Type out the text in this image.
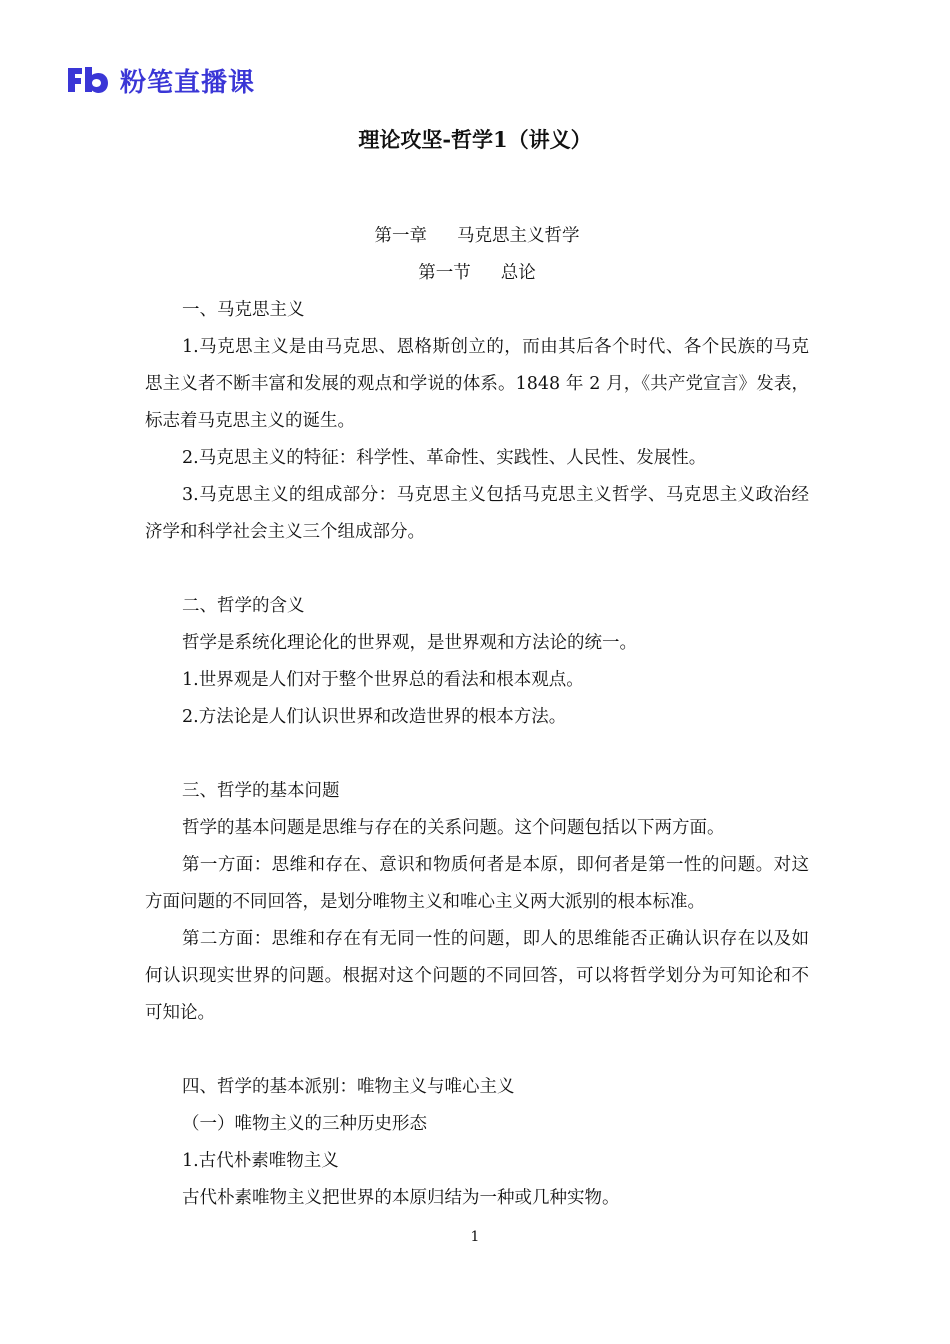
粉笔直播课
理论攻坚-哲学1（讲义）

第一章 马克思主义哲学

第一节 总论

一、马克思主义

1.马克思主义是由马克思、恩格斯创立的，而由其后各个时代、各个民族的马克思主义者不断丰富和发展的观点和学说的体系。1848 年 2 月，《共产党宣言》发表，标志着马克思主义的诞生。

2.马克思主义的特征：科学性、革命性、实践性、人民性、发展性。

3.马克思主义的组成部分：马克思主义包括马克思主义哲学、马克思主义政治经济学和科学社会主义三个组成部分。

二、哲学的含义

哲学是系统化理论化的世界观，是世界观和方法论的统一。

1.世界观是人们对于整个世界总的看法和根本观点。

2.方法论是人们认识世界和改造世界的根本方法。

三、哲学的基本问题

哲学的基本问题是思维与存在的关系问题。这个问题包括以下两方面。

第一方面：思维和存在、意识和物质何者是本原，即何者是第一性的问题。对这方面问题的不同回答，是划分唯物主义和唯心主义两大派别的根本标准。

第二方面：思维和存在有无同一性的问题，即人的思维能否正确认识存在以及如何认识现实世界的问题。根据对这个问题的不同回答，可以将哲学划分为可知论和不可知论。

四、哲学的基本派别：唯物主义与唯心主义

（一）唯物主义的三种历史形态

1.古代朴素唯物主义

古代朴素唯物主义把世界的本原归结为一种或几种实物。

1
